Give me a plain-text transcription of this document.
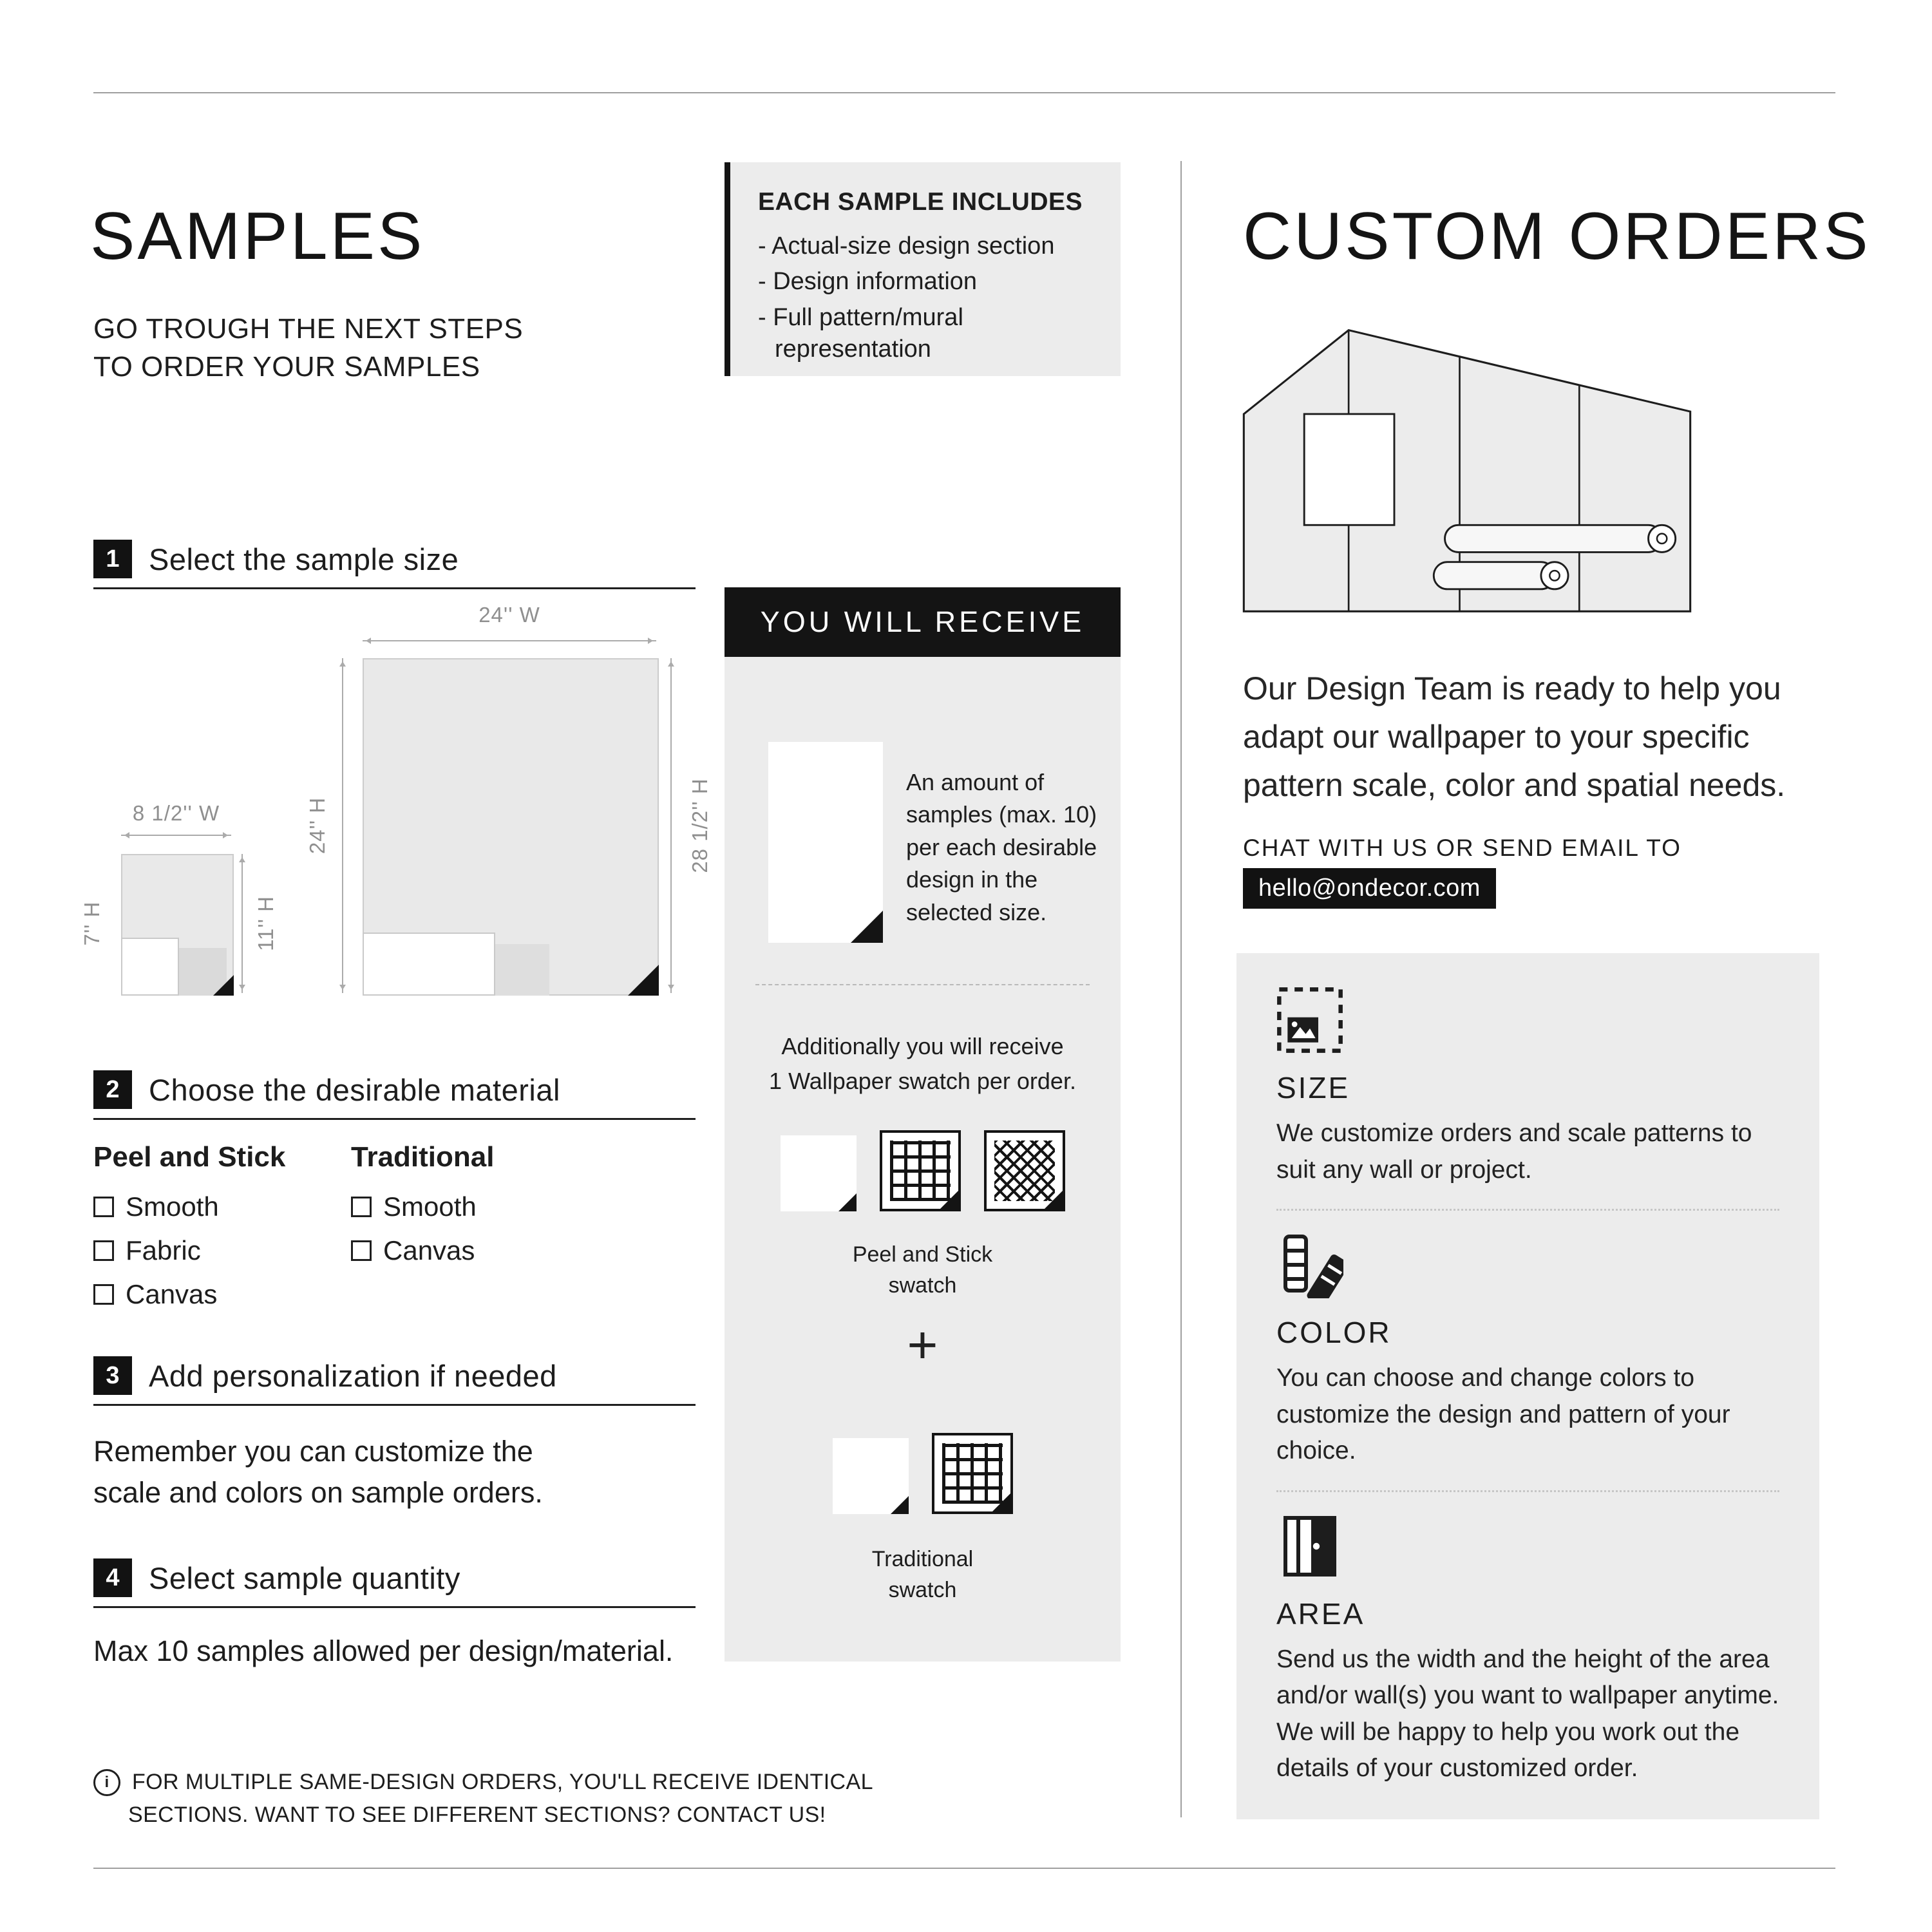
SAMPLES
GO TROUGH THE NEXT STEPS
TO ORDER YOUR SAMPLES
1 Select the sample size
24'' W
24'' H	28 1/2'' H
8 1/2'' W
7'' H	11'' H
2 Choose the desirable material
Peel and Stick
Smooth
Fabric
Canvas
Traditional
Smooth
Canvas
3 Add personalization if needed
Remember you can customize the scale and colors on sample orders.
4 Select sample quantity
Max 10 samples allowed per design/material.
i FOR MULTIPLE SAME-DESIGN ORDERS, YOU'LL RECEIVE IDENTICAL
SECTIONS. WANT TO SEE DIFFERENT SECTIONS? CONTACT US!
EACH SAMPLE INCLUDES
- Actual-size design section
- Design information
- Full pattern/mural representation
YOU WILL RECEIVE
An amount of samples (max. 10) per each desirable design in the selected size.
Additionally you will receive
1 Wallpaper swatch per order.
Peel and Stick
swatch
+
Traditional
swatch
CUSTOM ORDERS
Our Design Team is ready to help you adapt our wallpaper to your specific pattern scale, color and spatial needs.
CHAT WITH US OR SEND EMAIL TO
hello@ondecor.com
SIZE
We customize orders and scale patterns to suit any wall or project.
COLOR
You can choose and change colors to customize the design and pattern of your choice.
AREA
Send us the width and the height of the area and/or wall(s) you want to wallpaper anytime. We will be happy to help you work out the details of your customized order.
